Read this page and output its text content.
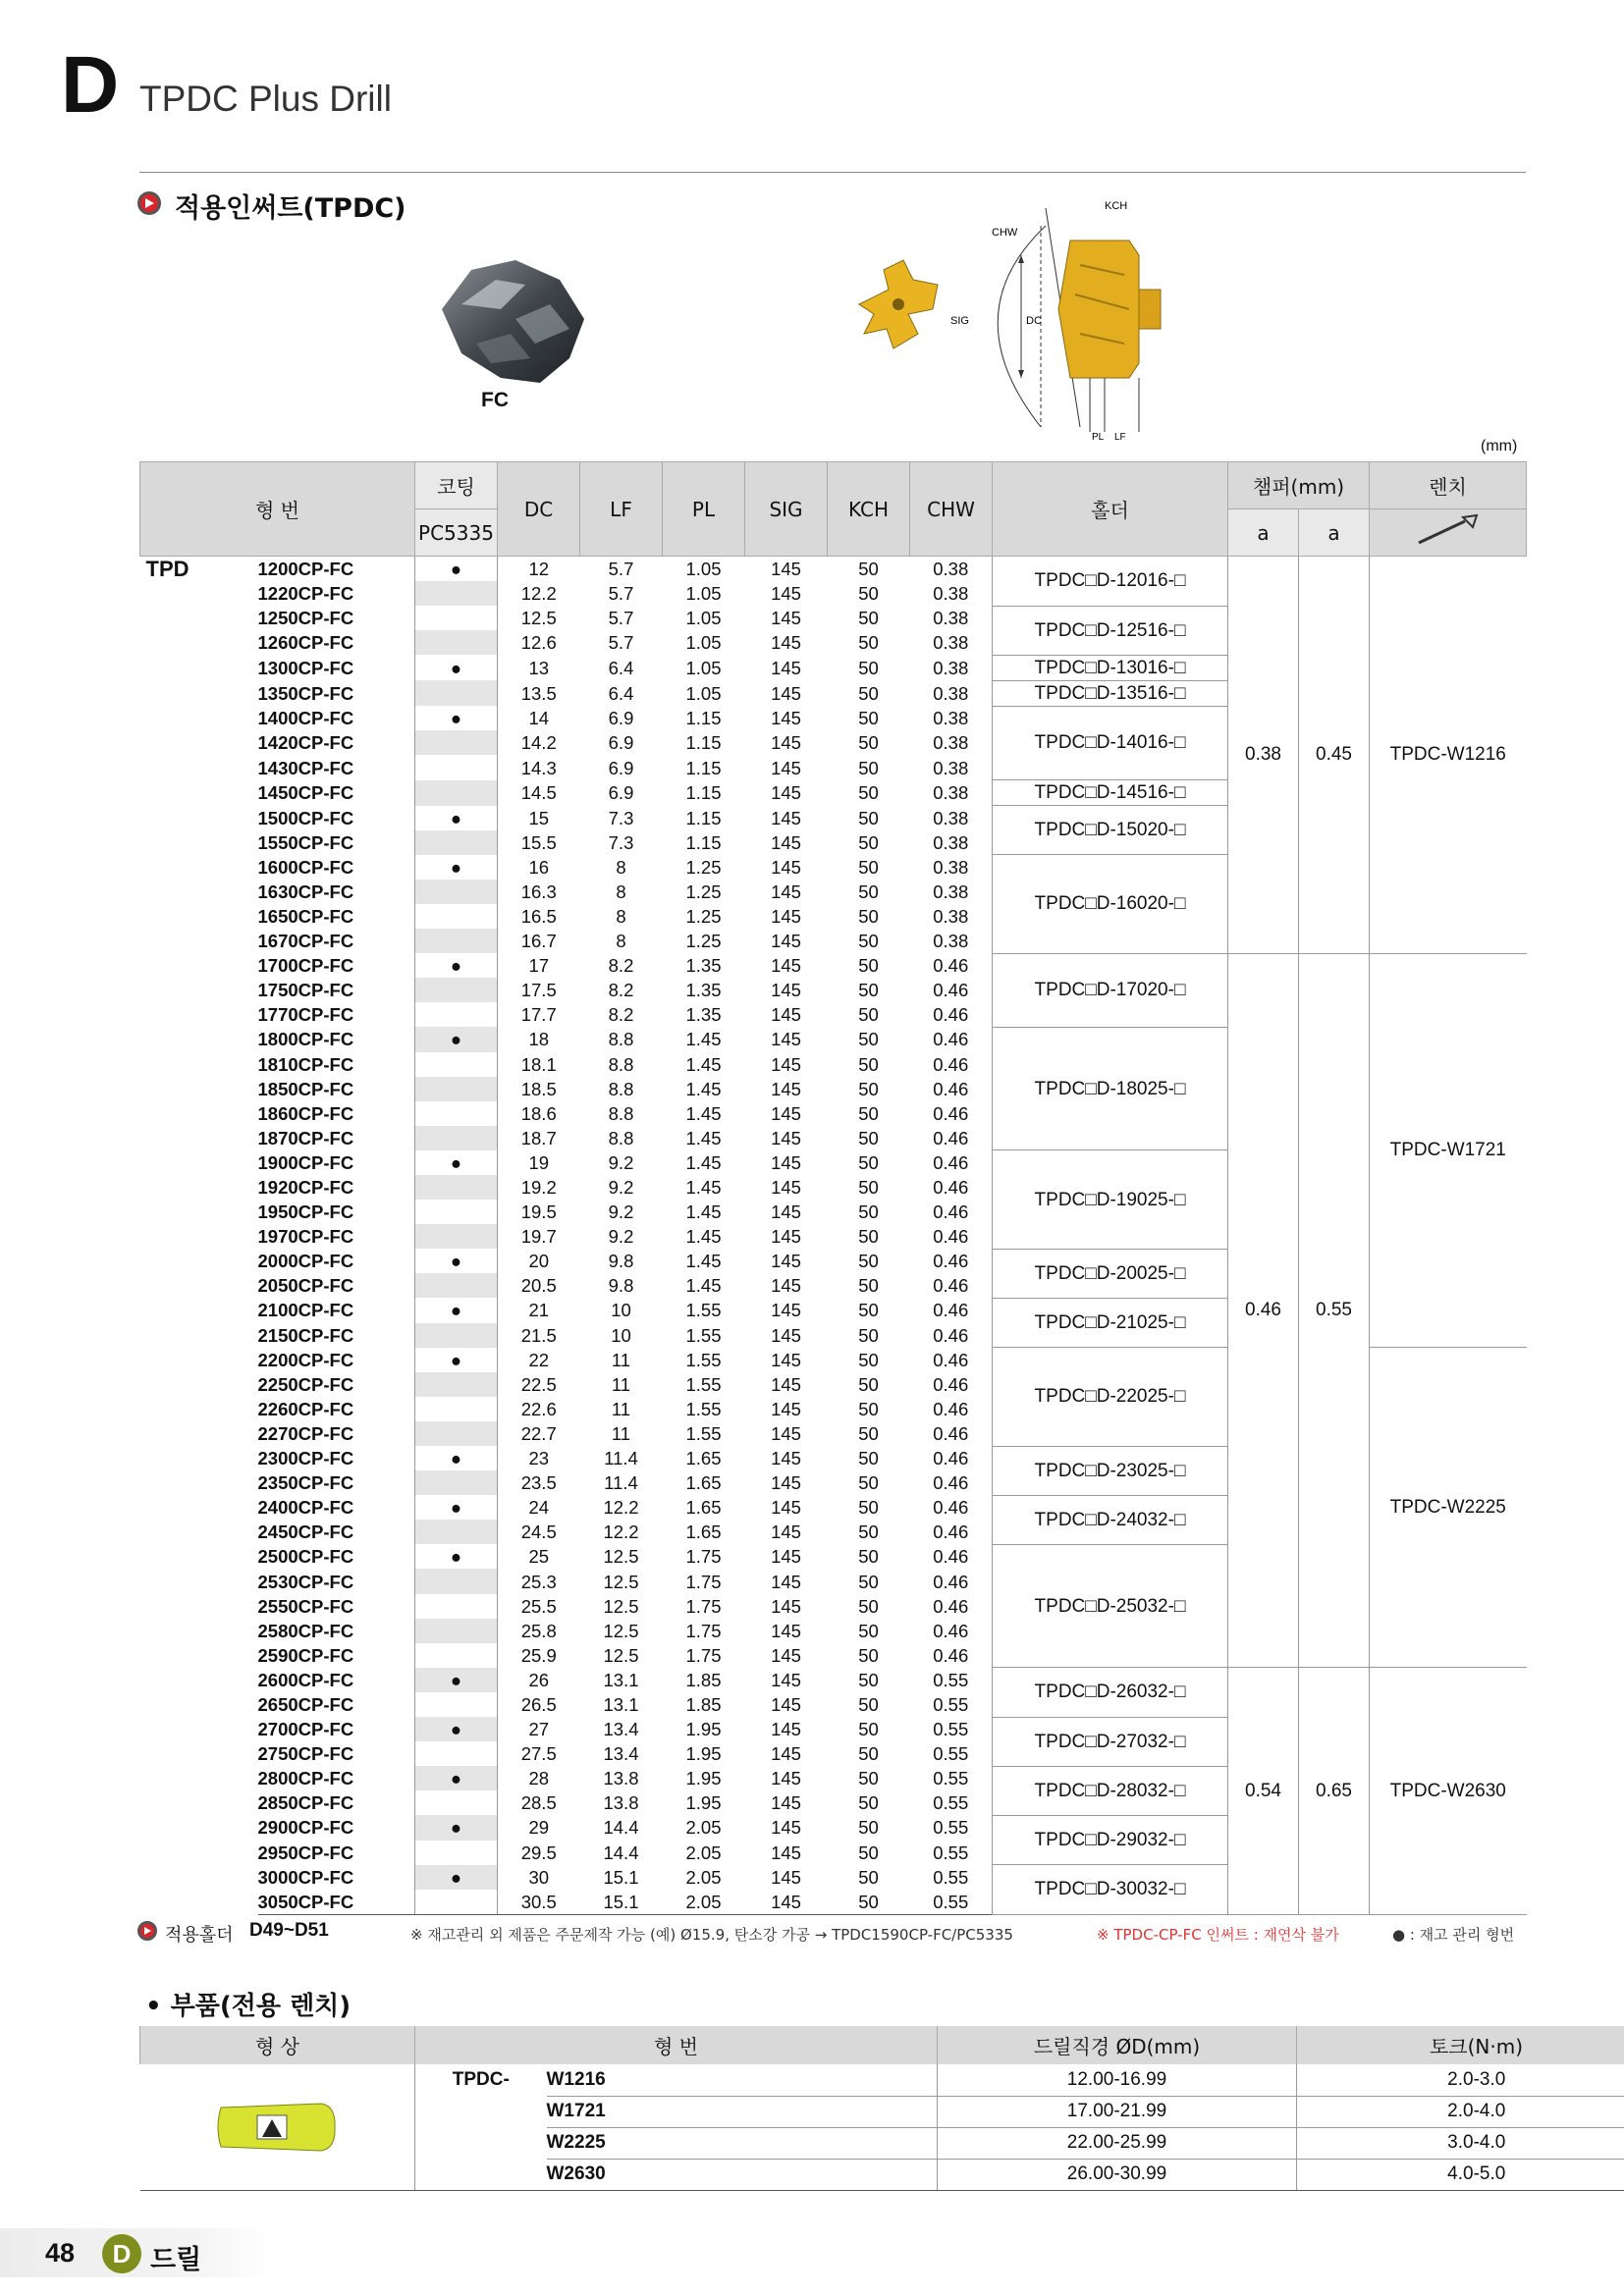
D TPDC Plus Drill
적용인써트(TPDC)
FC
KCH
CHW
SIG	DC
PL LF
(mm)
형 번		코팅	DC	LF	PL	SIG	KCH	CHW	홀더	챔퍼(mm)		렌치
		PC5335								a	a	
TPD	1200CP-FC	●	12	5.7	1.05	145	50	0.38	TPDC□D-12016-□	0.38	0.45	TPDC-W1216
	1220CP-FC		12.2	5.7	1.05	145	50	0.38				
	1250CP-FC		12.5	5.7	1.05	145	50	0.38	TPDC□D-12516-□			
	1260CP-FC		12.6	5.7	1.05	145	50	0.38				
	1300CP-FC	●	13	6.4	1.05	145	50	0.38	TPDC□D-13016-□			
	1350CP-FC		13.5	6.4	1.05	145	50	0.38	TPDC□D-13516-□			
	1400CP-FC	●	14	6.9	1.15	145	50	0.38	TPDC□D-14016-□			
	1420CP-FC		14.2	6.9	1.15	145	50	0.38				
	1430CP-FC		14.3	6.9	1.15	145	50	0.38				
	1450CP-FC		14.5	6.9	1.15	145	50	0.38	TPDC□D-14516-□			
	1500CP-FC	●	15	7.3	1.15	145	50	0.38	TPDC□D-15020-□			
	1550CP-FC		15.5	7.3	1.15	145	50	0.38				
	1600CP-FC	●	16	8	1.25	145	50	0.38	TPDC□D-16020-□			
	1630CP-FC		16.3	8	1.25	145	50	0.38				
	1650CP-FC		16.5	8	1.25	145	50	0.38				
	1670CP-FC		16.7	8	1.25	145	50	0.38				
	1700CP-FC	●	17	8.2	1.35	145	50	0.46	TPDC□D-17020-□	0.46	0.55	TPDC-W1721
	1750CP-FC		17.5	8.2	1.35	145	50	0.46				
	1770CP-FC		17.7	8.2	1.35	145	50	0.46				
	1800CP-FC	●	18	8.8	1.45	145	50	0.46	TPDC□D-18025-□			
	1810CP-FC		18.1	8.8	1.45	145	50	0.46				
	1850CP-FC		18.5	8.8	1.45	145	50	0.46				
	1860CP-FC		18.6	8.8	1.45	145	50	0.46				
	1870CP-FC		18.7	8.8	1.45	145	50	0.46				
	1900CP-FC	●	19	9.2	1.45	145	50	0.46	TPDC□D-19025-□			
	1920CP-FC		19.2	9.2	1.45	145	50	0.46				
	1950CP-FC		19.5	9.2	1.45	145	50	0.46				
	1970CP-FC		19.7	9.2	1.45	145	50	0.46				
	2000CP-FC	●	20	9.8	1.45	145	50	0.46	TPDC□D-20025-□			
	2050CP-FC		20.5	9.8	1.45	145	50	0.46				
	2100CP-FC	●	21	10	1.55	145	50	0.46	TPDC□D-21025-□			
	2150CP-FC		21.5	10	1.55	145	50	0.46				
	2200CP-FC	●	22	11	1.55	145	50	0.46	TPDC□D-22025-□			TPDC-W2225
	2250CP-FC		22.5	11	1.55	145	50	0.46				
	2260CP-FC		22.6	11	1.55	145	50	0.46				
	2270CP-FC		22.7	11	1.55	145	50	0.46				
	2300CP-FC	●	23	11.4	1.65	145	50	0.46	TPDC□D-23025-□			
	2350CP-FC		23.5	11.4	1.65	145	50	0.46				
	2400CP-FC	●	24	12.2	1.65	145	50	0.46	TPDC□D-24032-□			
	2450CP-FC		24.5	12.2	1.65	145	50	0.46				
	2500CP-FC	●	25	12.5	1.75	145	50	0.46	TPDC□D-25032-□			
	2530CP-FC		25.3	12.5	1.75	145	50	0.46				
	2550CP-FC		25.5	12.5	1.75	145	50	0.46				
	2580CP-FC		25.8	12.5	1.75	145	50	0.46				
	2590CP-FC		25.9	12.5	1.75	145	50	0.46				
	2600CP-FC	●	26	13.1	1.85	145	50	0.55	TPDC□D-26032-□	0.54	0.65	TPDC-W2630
	2650CP-FC		26.5	13.1	1.85	145	50	0.55				
	2700CP-FC	●	27	13.4	1.95	145	50	0.55	TPDC□D-27032-□			
	2750CP-FC		27.5	13.4	1.95	145	50	0.55				
	2800CP-FC	●	28	13.8	1.95	145	50	0.55	TPDC□D-28032-□			
	2850CP-FC		28.5	13.8	1.95	145	50	0.55				
	2900CP-FC	●	29	14.4	2.05	145	50	0.55	TPDC□D-29032-□			
	2950CP-FC		29.5	14.4	2.05	145	50	0.55				
	3000CP-FC	●	30	15.1	2.05	145	50	0.55	TPDC□D-30032-□			
	3050CP-FC		30.5	15.1	2.05	145	50	0.55				
적용홀더 D49~D51	※ 재고관리 외 제품은 주문제작 가능 (예) Ø15.9, 탄소강 가공 → TPDC1590CP-FC/PC5335	※ TPDC-CP-FC 인써트 : 재연삭 불가	● : 재고 관리 형번
• 부품(전용 렌치)
형 상	형 번		드릴직경 ØD(mm)	토크(N·m)

	TPDC-	W1216	12.00-16.99	2.0-3.0
		W1721	17.00-21.99	2.0-4.0
		W2225	22.00-25.99	3.0-4.0
		W2630	26.00-30.99	4.0-5.0
48	D 드릴
